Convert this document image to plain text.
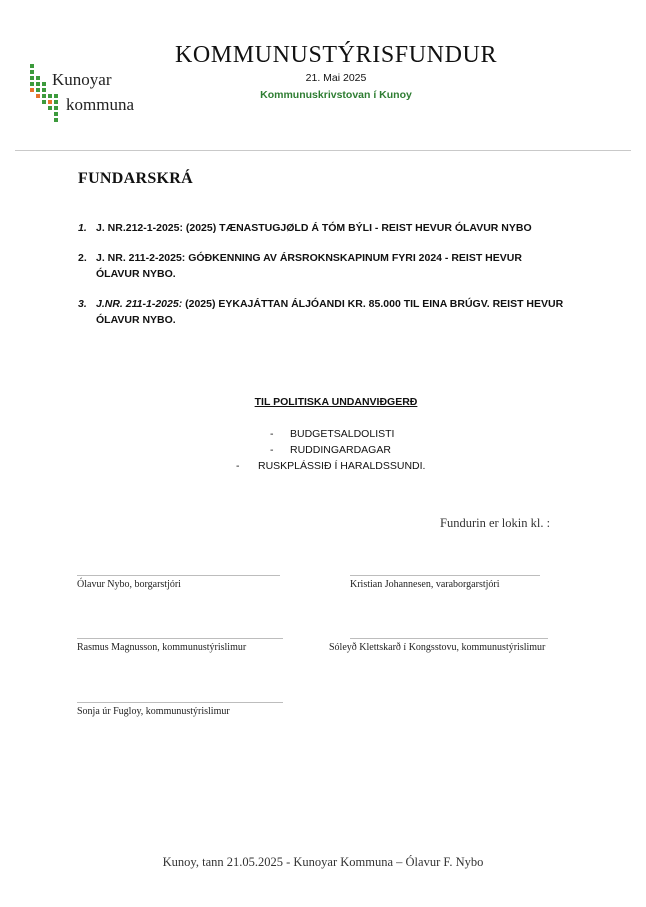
Kunoyar
kommuna
KOMMUNUSTÝRISFUNDUR
21. Mai 2025
Kommunuskrivstovan í Kunoy
FUNDARSKRÁ
1. J. NR.212-1-2025: (2025) TÆNASTUGJØLD Á TÓM BÝLI - REIST HEVUR ÓLAVUR NYBO
2. J. NR. 211-2-2025: GÓÐKENNING AV ÁRSROKNSKAPINUM FYRI 2024 - REIST HEVUR ÓLAVUR NYBO.
3. J.NR. 211-1-2025: (2025) EYKAJÁTTAN ÁLJÓANDI KR. 85.000 TIL EINA BRÚGV. REIST HEVUR ÓLAVUR NYBO.
TIL POLITISKA UNDANVIÐGERÐ
- BUDGETSALDOLISTI
- RUDDINGARDAGAR
- RUSKPLÁSSIÐ Í HARALDSSUNDI.
Fundurin er lokin kl. :
Ólavur Nybo, borgarstjóri	Kristian Johannesen, varaborgarstjóri
Rasmus Magnusson, kommunustýrislimur	Sóleyð Klettskarð í Kongsstovu, kommunustýrislimur
Sonja úr Fugloy, kommunustýrislimur
Kunoy, tann 21.05.2025 - Kunoyar Kommuna – Ólavur F. Nybo
